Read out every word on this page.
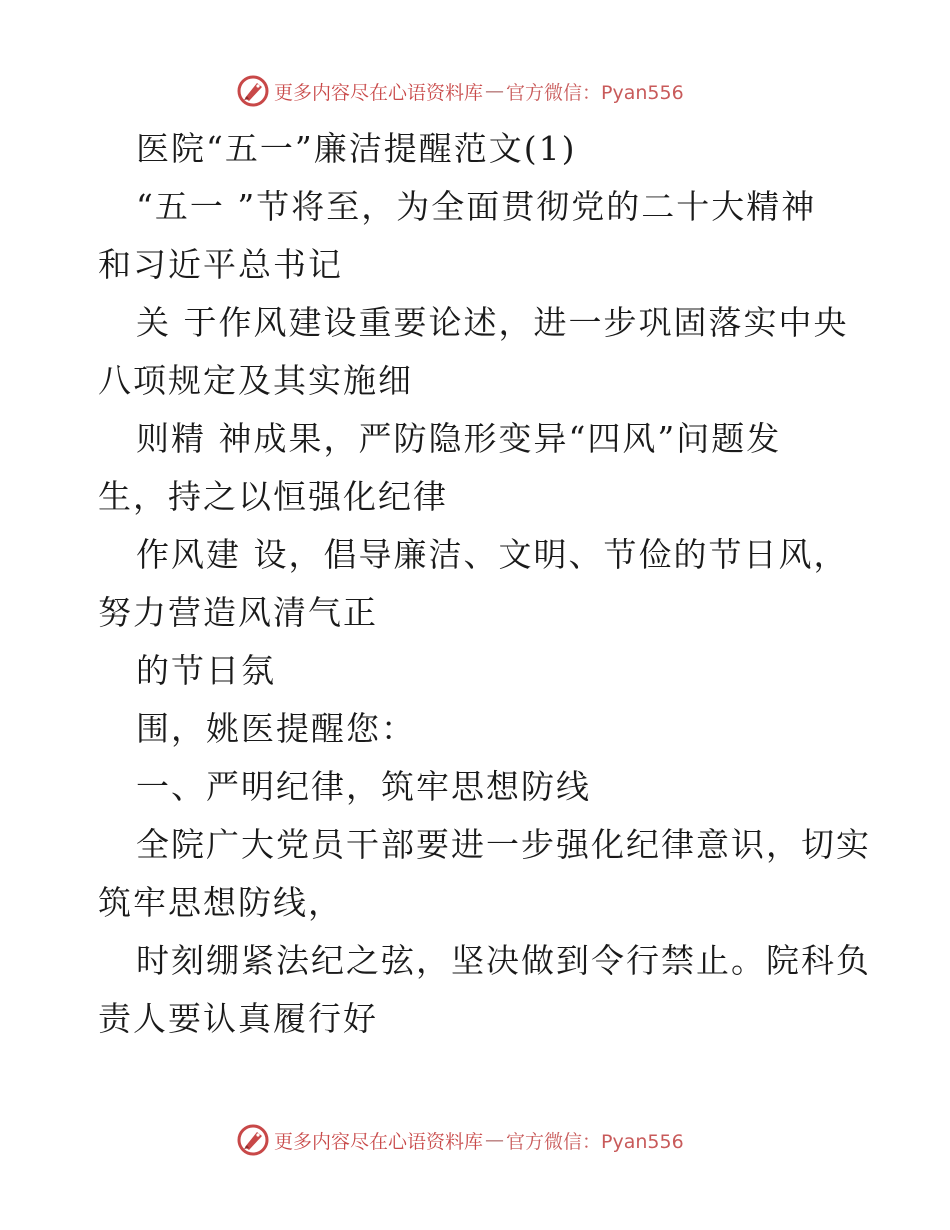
更多内容尽在心语资料库 — 官方微信：Pyan556
医院“五一”廉洁提醒范文(1)
“五一 ”节将至，为全面贯彻党的二十大精神
和习近平总书记
关 于作风建设重要论述，进一步巩固落实中央
八项规定及其实施细
则精 神成果，严防隐形变异“四风”问题发
生，持之以恒强化纪律
作风建 设，倡导廉洁、文明、节俭的节日风，
努力营造风清气正
的节日氛
围，姚医提醒您：
一、严明纪律，筑牢思想防线
全院广大党员干部要进一步强化纪律意识，切实
筑牢思想防线，
时刻绷紧法纪之弦，坚决做到令行禁止。院科负
责人要认真履行好
更多内容尽在心语资料库 — 官方微信：Pyan556
